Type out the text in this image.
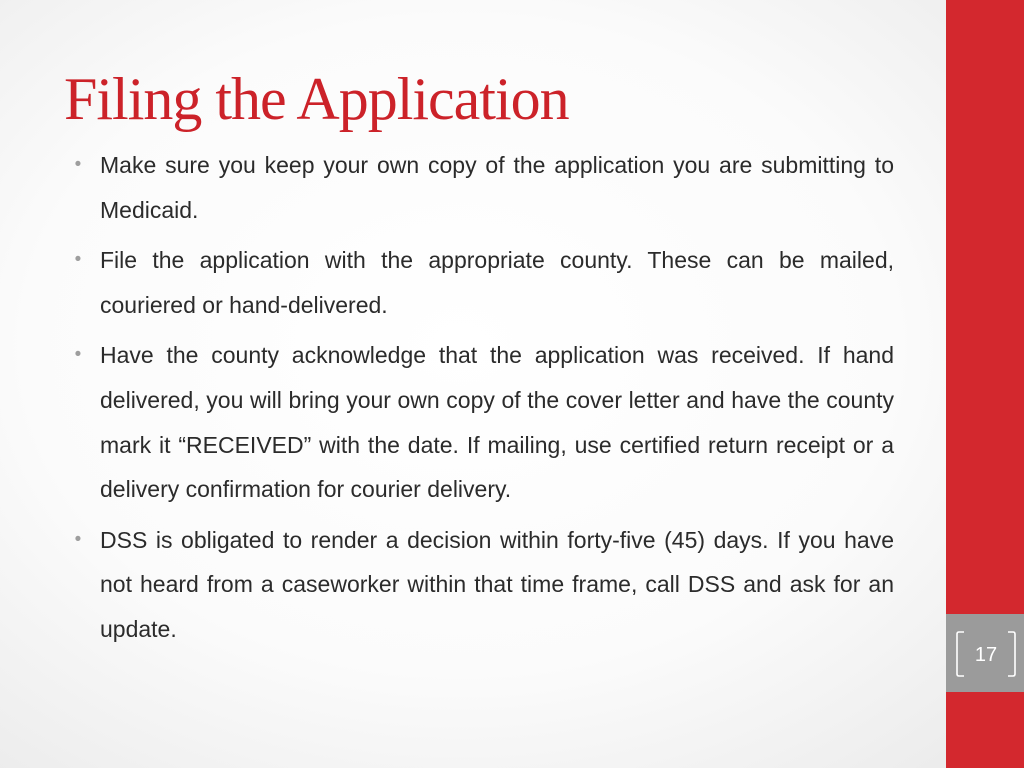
Filing the Application
• Make sure you keep your own copy of the application you are submitting to Medicaid.
• File the application with the appropriate county. These can be mailed, couriered or hand-delivered.
• Have the county acknowledge that the application was received. If hand delivered, you will bring your own copy of the cover letter and have the county mark it “RECEIVED” with the date. If mailing, use certified return receipt or a delivery confirmation for courier delivery.
• DSS is obligated to render a decision within forty-five (45) days. If you have not heard from a caseworker within that time frame, call DSS and ask for an update.
17
